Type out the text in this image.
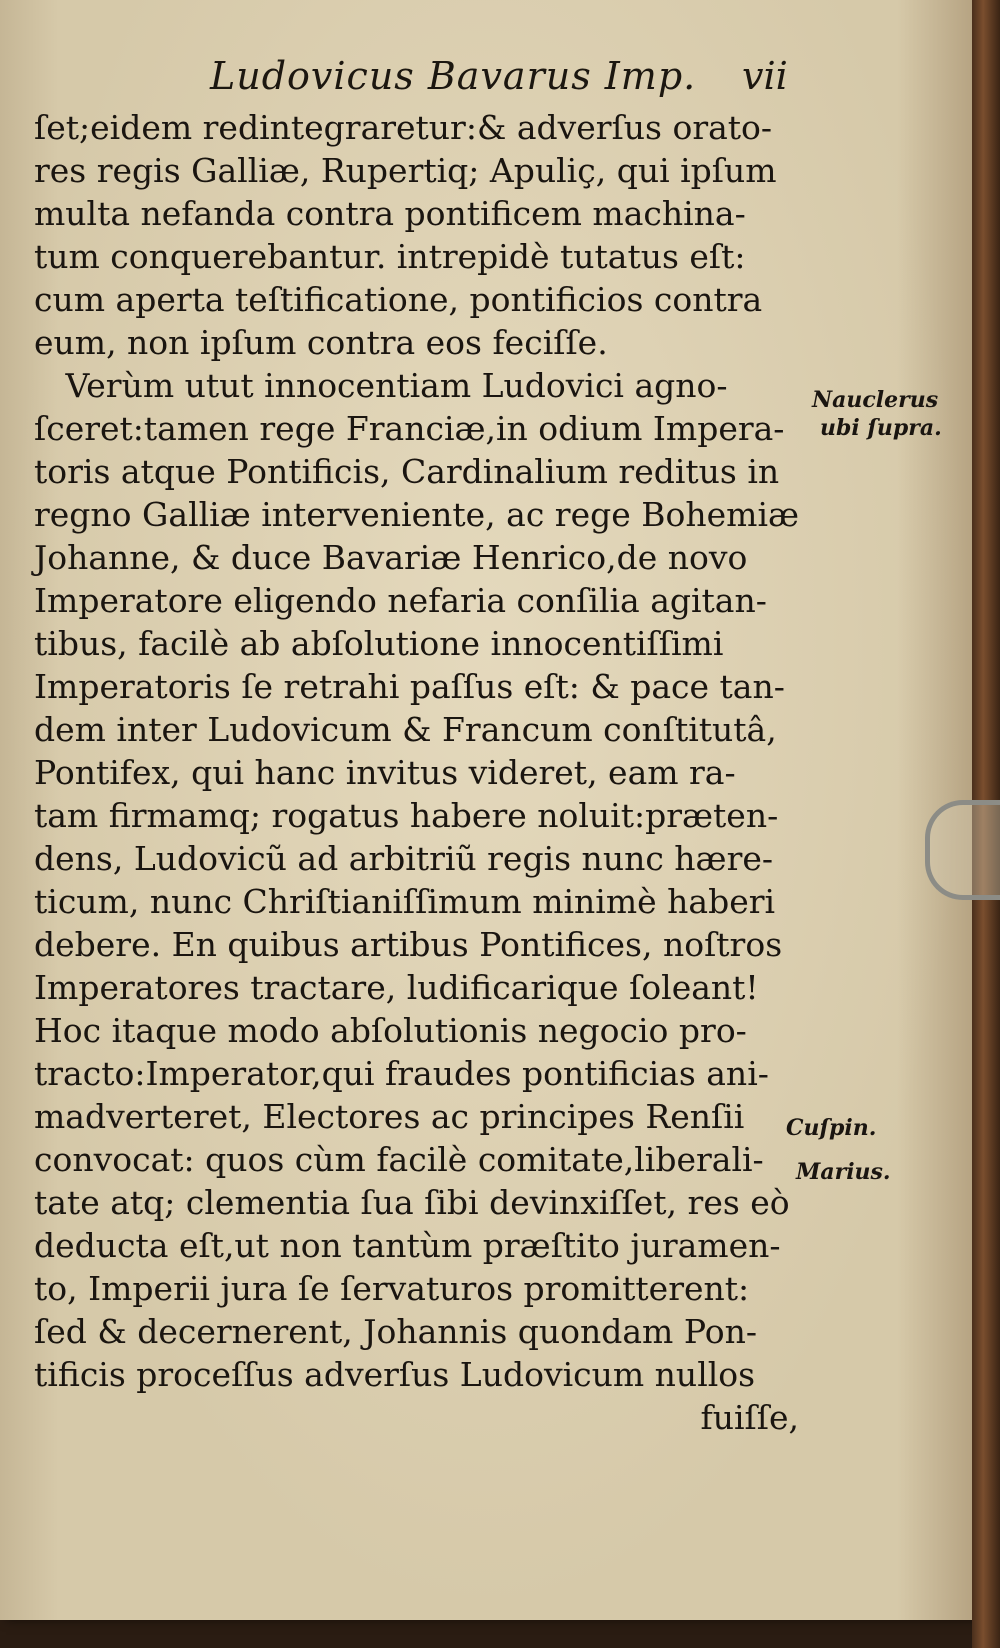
Ludovicus Bavarus Imp.	vii
ſet;eidem redintegraretur:& adverſus orato-
res regis Galliæ, Rupertiq; Apuliç, qui ipſum
multa nefanda contra pontificem machina-
tum conquerebantur. intrepidè tutatus eſt:
cum aperta teſtificatione, pontificios contra
eum, non ipſum contra eos feciſſe.
Verùm utut innocentiam Ludovici agno-
ſceret:tamen rege Franciæ,in odium Impera-
toris atque Pontificis, Cardinalium reditus in
regno Galliæ interveniente, ac rege Bohemiæ
Johanne, & duce Bavariæ Henrico,de novo
Imperatore eligendo nefaria conſilia agitan-
tibus, facilè ab abſolutione innocentiſſimi
Imperatoris ſe retrahi paſſus eſt: & pace tan-
dem inter Ludovicum & Francum conſtitutâ,
Pontifex, qui hanc invitus videret, eam ra-
tam firmamq; rogatus habere noluit:præten-
dens, Ludovicũ ad arbitriũ regis nunc hære-
ticum, nunc Chriſtianiſſimum minimè haberi
debere. En quibus artibus Pontifices, noſtros
Imperatores tractare, ludificarique ſoleant!
Hoc itaque modo abſolutionis negocio pro-
tracto:Imperator,qui fraudes pontificias ani-
madverteret, Electores ac principes Renſii
convocat: quos cùm facilè comitate,liberali-
tate atq; clementia ſua ſibi devinxiſſet, res eò
deducta eſt,ut non tantùm præſtito juramen-
to, Imperii jura ſe ſervaturos promitterent:
ſed & decernerent, Johannis quondam Pon-
tificis proceſſus adverſus Ludovicum nullos
fuiſſe,
Nauclerus
ubi ſupra.
Cuſpin.
Marius.
